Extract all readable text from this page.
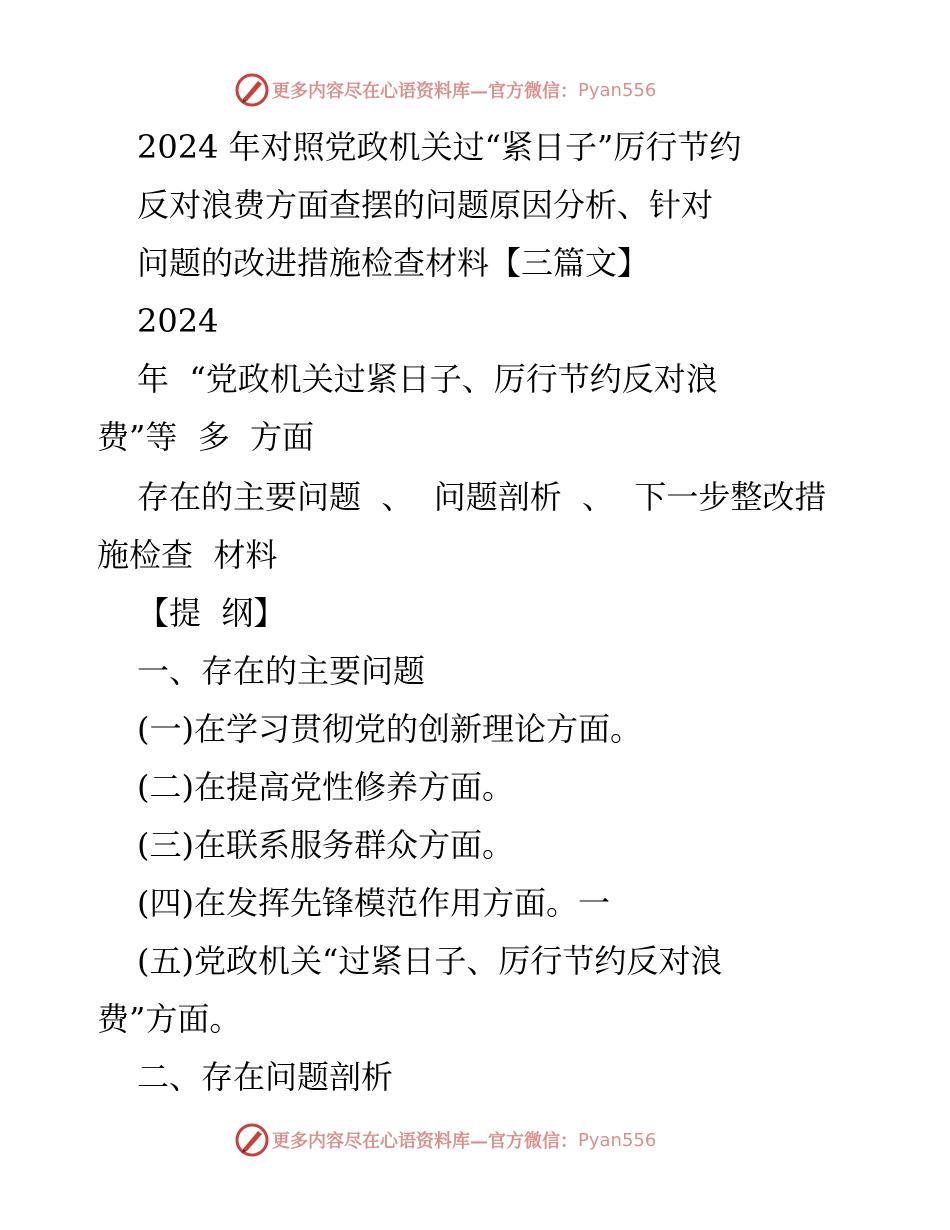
更多内容尽在心语资料库—官方微信： Pyan556
2024 年对照党政机关过“紧日子”厉行节约
反对浪费方面查摆的问题原因分析、针对
问题的改进措施检查材料【三篇文】
2024
年  “党政机关过紧日子、厉行节约反对浪
费”等  多  方面
存在的主要问题  、  问题剖析  、  下一步整改措
施检查  材料
【提  纲】
一、存在的主要问题
(一)在学习贯彻党的创新理论方面。
(二)在提高党性修养方面。
(三)在联系服务群众方面。
(四)在发挥先锋模范作用方面。一
(五)党政机关“过紧日子、厉行节约反对浪
费”方面。
二、存在问题剖析
更多内容尽在心语资料库—官方微信： Pyan556
